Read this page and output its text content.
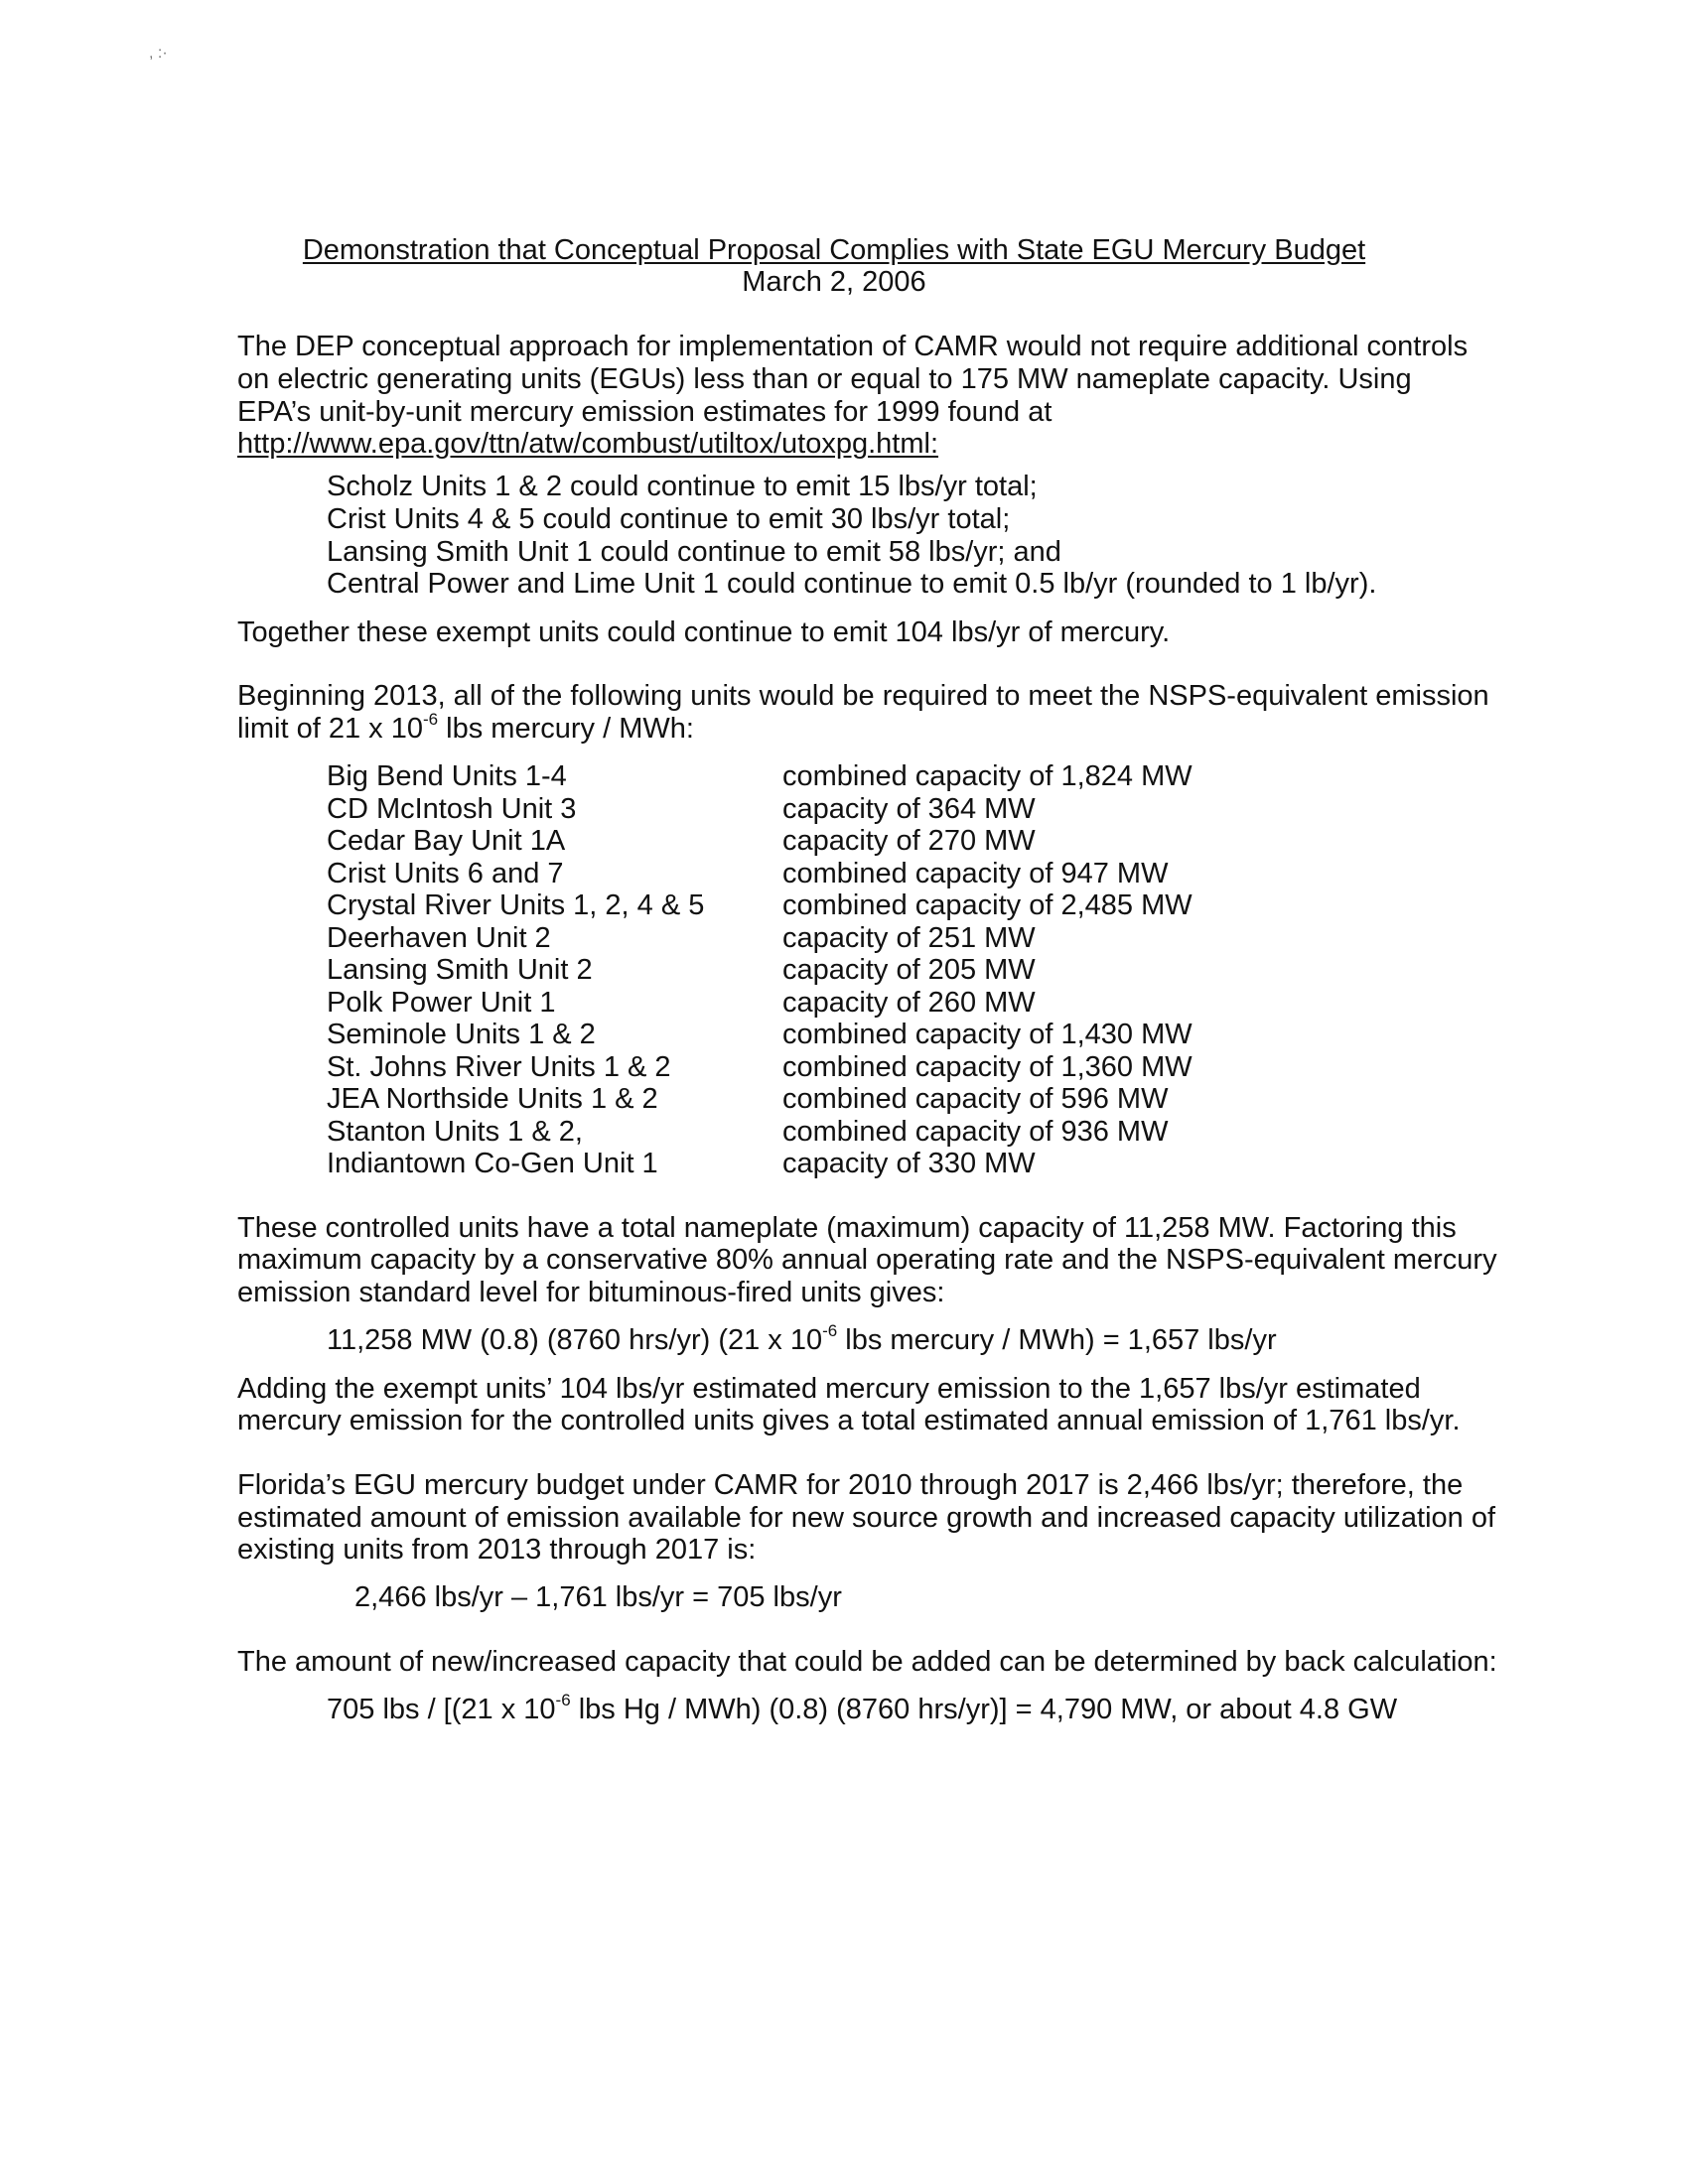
, :·

Demonstration that Conceptual Proposal Complies with State EGU Mercury Budget

March 2, 2006

The DEP conceptual approach for implementation of CAMR would not require additional controls

on electric generating units (EGUs) less than or equal to 175 MW nameplate capacity. Using

EPA’s unit-by-unit mercury emission estimates for 1999 found at

http://www.epa.gov/ttn/atw/combust/utiltox/utoxpg.html:

Scholz Units 1 & 2 could continue to emit 15 lbs/yr total;

Crist Units 4 & 5 could continue to emit 30 lbs/yr total;

Lansing Smith Unit 1 could continue to emit 58 lbs/yr; and

Central Power and Lime Unit 1 could continue to emit 0.5 lb/yr (rounded to 1 lb/yr).

Together these exempt units could continue to emit 104 lbs/yr of mercury.

Beginning 2013, all of the following units would be required to meet the NSPS-equivalent emission

limit of 21 x $10^{-6}$ lbs mercury / MWh:

Big Bend Units 1-4	combined capacity of 1,824 MW

CD McIntosh Unit 3	capacity of 364 MW

Cedar Bay Unit 1A	capacity of 270 MW

Crist Units 6 and 7	combined capacity of 947 MW

Crystal River Units 1, 2, 4 & 5	combined capacity of 2,485 MW

Deerhaven Unit 2	capacity of 251 MW

Lansing Smith Unit 2	capacity of 205 MW

Polk Power Unit 1	capacity of 260 MW

Seminole Units 1 & 2	combined capacity of 1,430 MW

St. Johns River Units 1 & 2	combined capacity of 1,360 MW

JEA Northside Units 1 & 2	combined capacity of 596 MW

Stanton Units 1 & 2,	combined capacity of 936 MW

Indiantown Co-Gen Unit 1	capacity of 330 MW

These controlled units have a total nameplate (maximum) capacity of 11,258 MW. Factoring this

maximum capacity by a conservative 80% annual operating rate and the NSPS-equivalent mercury

emission standard level for bituminous-fired units gives:

11,258 MW (0.8) (8760 hrs/yr) (21 x $10^{-6}$ lbs mercury / MWh) = 1,657 lbs/yr

Adding the exempt units’ 104 lbs/yr estimated mercury emission to the 1,657 lbs/yr estimated

mercury emission for the controlled units gives a total estimated annual emission of 1,761 lbs/yr.

Florida’s EGU mercury budget under CAMR for 2010 through 2017 is 2,466 lbs/yr; therefore, the

estimated amount of emission available for new source growth and increased capacity utilization of

existing units from 2013 through 2017 is:

2,466 lbs/yr – 1,761 lbs/yr = 705 lbs/yr

The amount of new/increased capacity that could be added can be determined by back calculation:

705 lbs / [(21 x $10^{-6}$ lbs Hg / MWh) (0.8) (8760 hrs/yr)] = 4,790 MW, or about 4.8 GW
